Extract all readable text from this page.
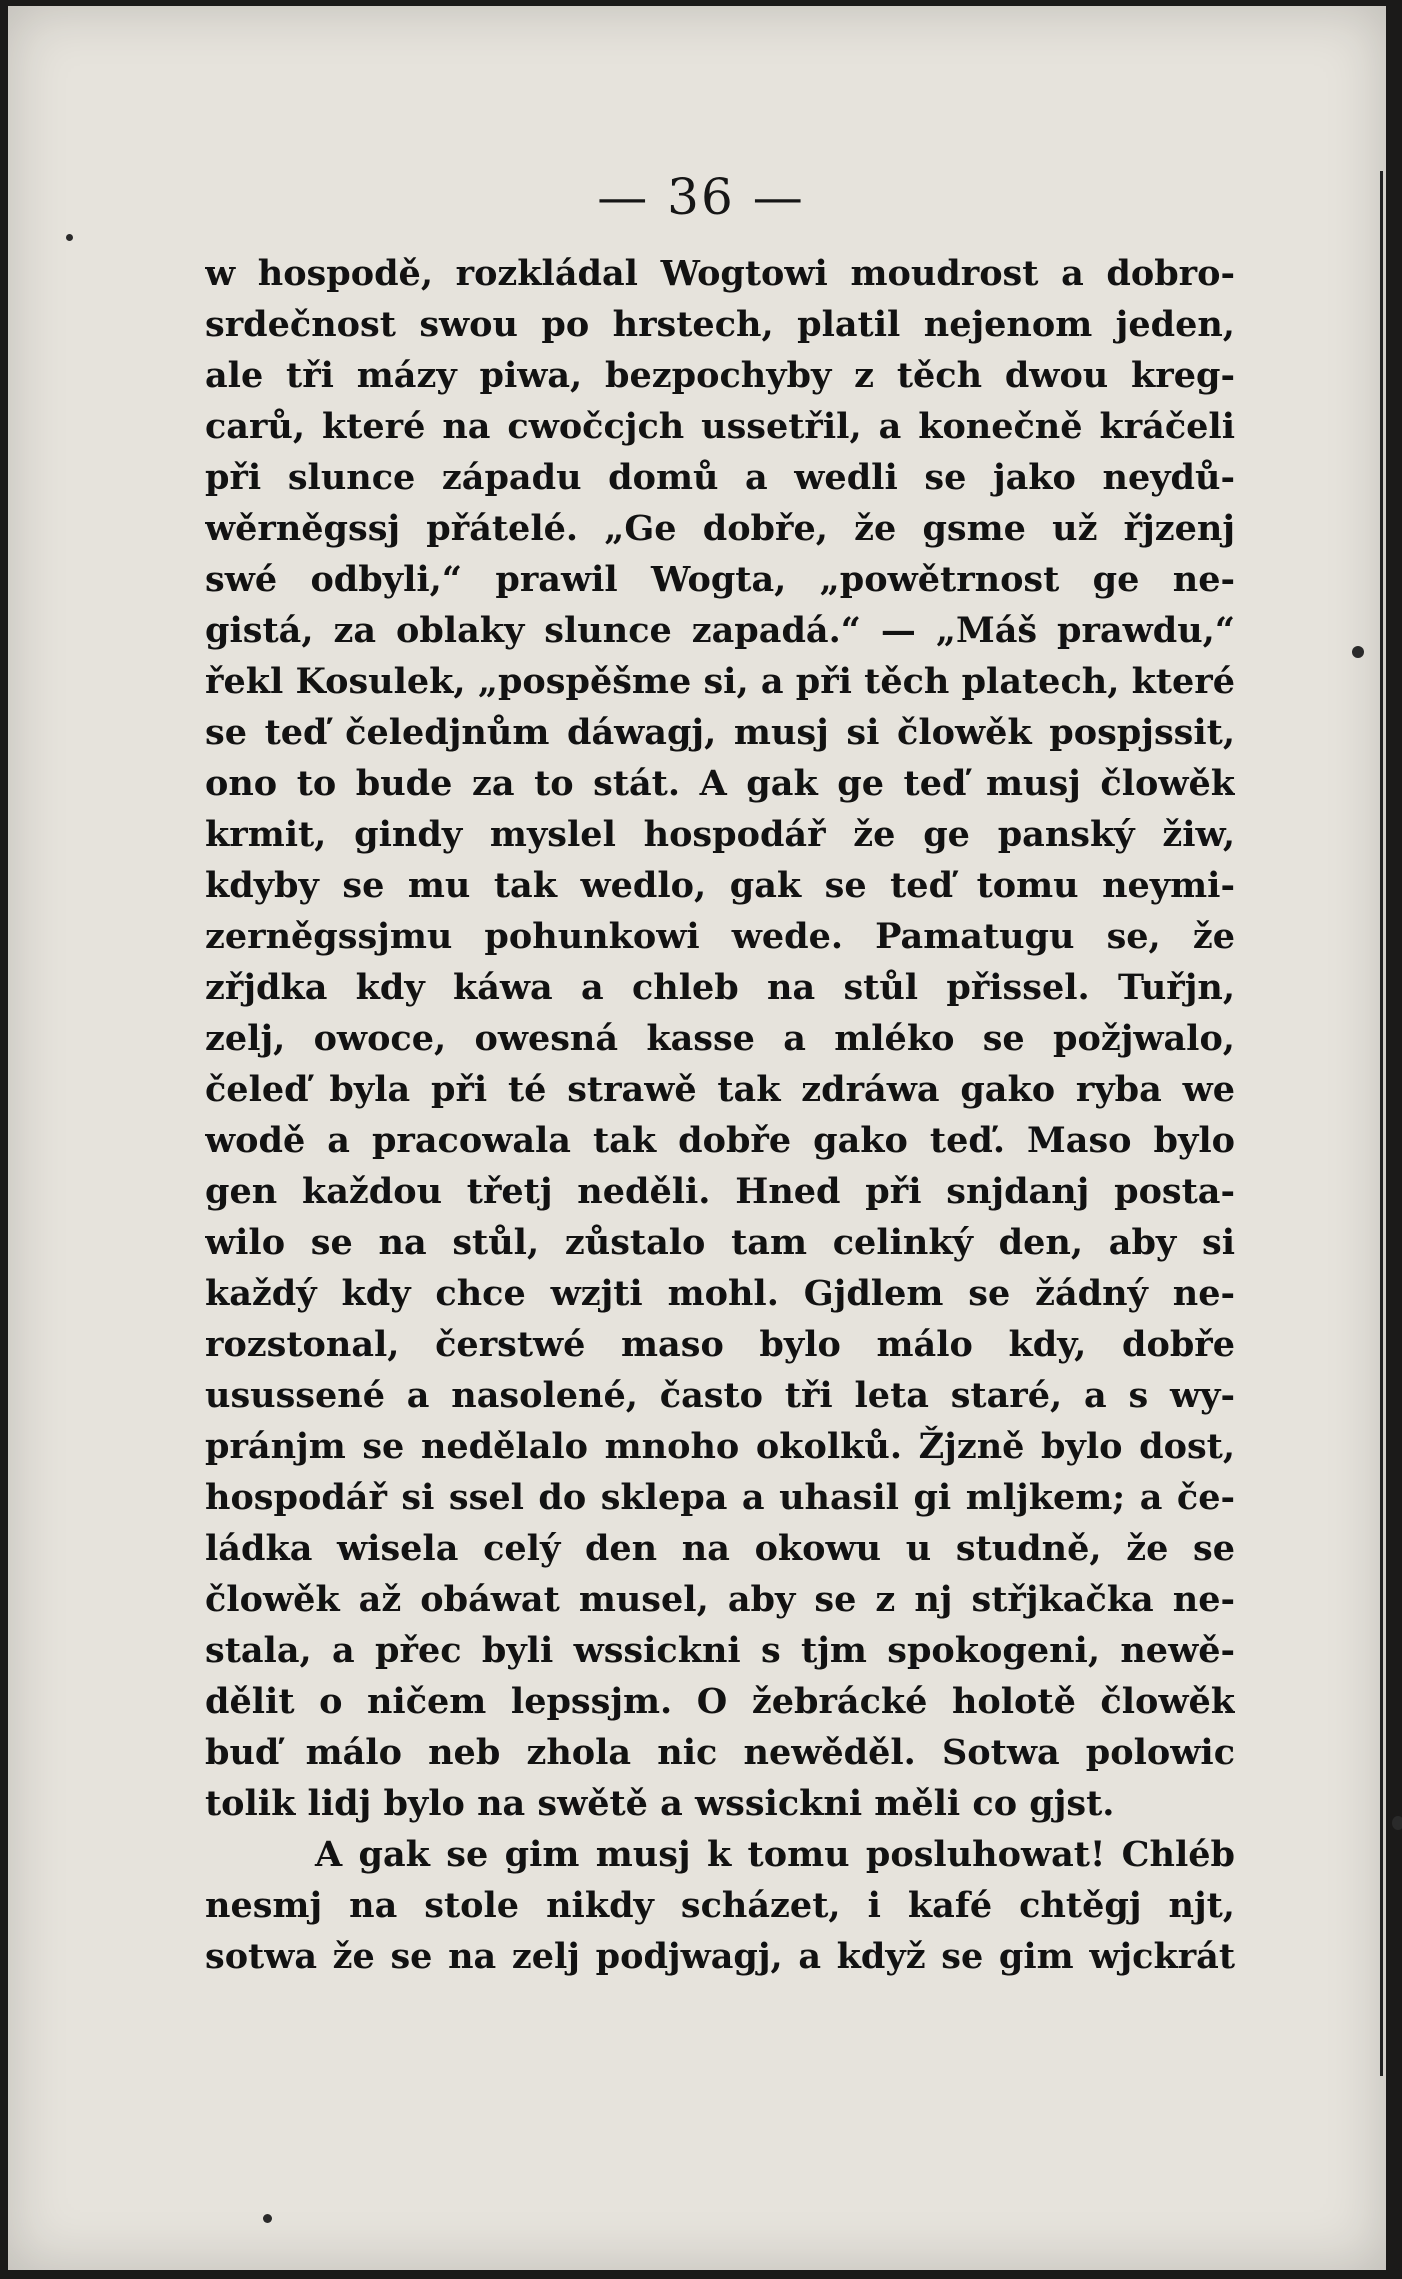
— 36 —
w hospodě, rozkládal Wogtowi moudrost a dobro-
srdečnost swou po hrstech, platil nejenom jeden,
ale tři mázy piwa, bezpochyby z těch dwou kreg-
carů, které na cwočcjch ussetřil, a konečně kráčeli
při slunce západu domů a wedli se jako neydů-
wěrněgssj přátelé. „Ge dobře, že gsme už řjzenj
swé odbyli,“ prawil Wogta, „powětrnost ge ne-
gistá, za oblaky slunce zapadá.“ — „Máš prawdu,“
řekl Kosulek, „pospěšme si, a při těch platech, které
se teď čeledjnům dáwagj, musj si člowěk pospjssit,
ono to bude za to stát. A gak ge teď musj člowěk
krmit, gindy myslel hospodář že ge panský žiw,
kdyby se mu tak wedlo, gak se teď tomu neymi-
zerněgssjmu pohunkowi wede. Pamatugu se, že
zřjdka kdy káwa a chleb na stůl přissel. Tuřjn,
zelj, owoce, owesná kasse a mléko se požjwalo,
čeleď byla při té strawě tak zdráwa gako ryba we
wodě a pracowala tak dobře gako teď. Maso bylo
gen každou třetj neděli. Hned při snjdanj posta-
wilo se na stůl, zůstalo tam celinký den, aby si
každý kdy chce wzjti mohl. Gjdlem se žádný ne-
rozstonal, čerstwé maso bylo málo kdy, dobře
usussené a nasolené, často tři leta staré, a s wy-
pránjm se nedělalo mnoho okolků. Žjzně bylo dost,
hospodář si ssel do sklepa a uhasil gi mljkem; a če-
ládka wisela celý den na okowu u studně, že se
člowěk až obáwat musel, aby se z nj střjkačka ne-
stala, a přec byli wssickni s tjm spokogeni, newě-
dělit o ničem lepssjm. O žebrácké holotě člowěk
buď málo neb zhola nic newěděl. Sotwa polowic
tolik lidj bylo na swětě a wssickni měli co gjst.
A gak se gim musj k tomu posluhowat! Chléb
nesmj na stole nikdy scházet, i kafé chtěgj njt,
sotwa že se na zelj podjwagj, a když se gim wjckrát
